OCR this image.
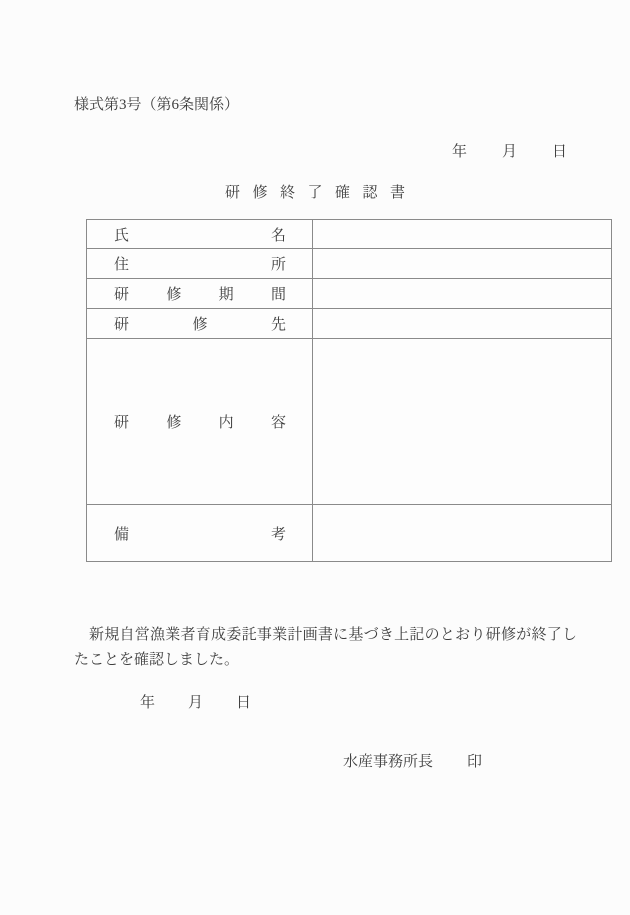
様式第3号（第6条関係）
年 月 日
研修終了確認書
氏 名	

住 所	

研 修 期 間	

研 修 先	

研 修 内 容	

備 考	

新規自営漁業者育成委託事業計画書に基づき上記のとおり研修が終了したことを確認しました。
年 月 日
水産事務所長 印
